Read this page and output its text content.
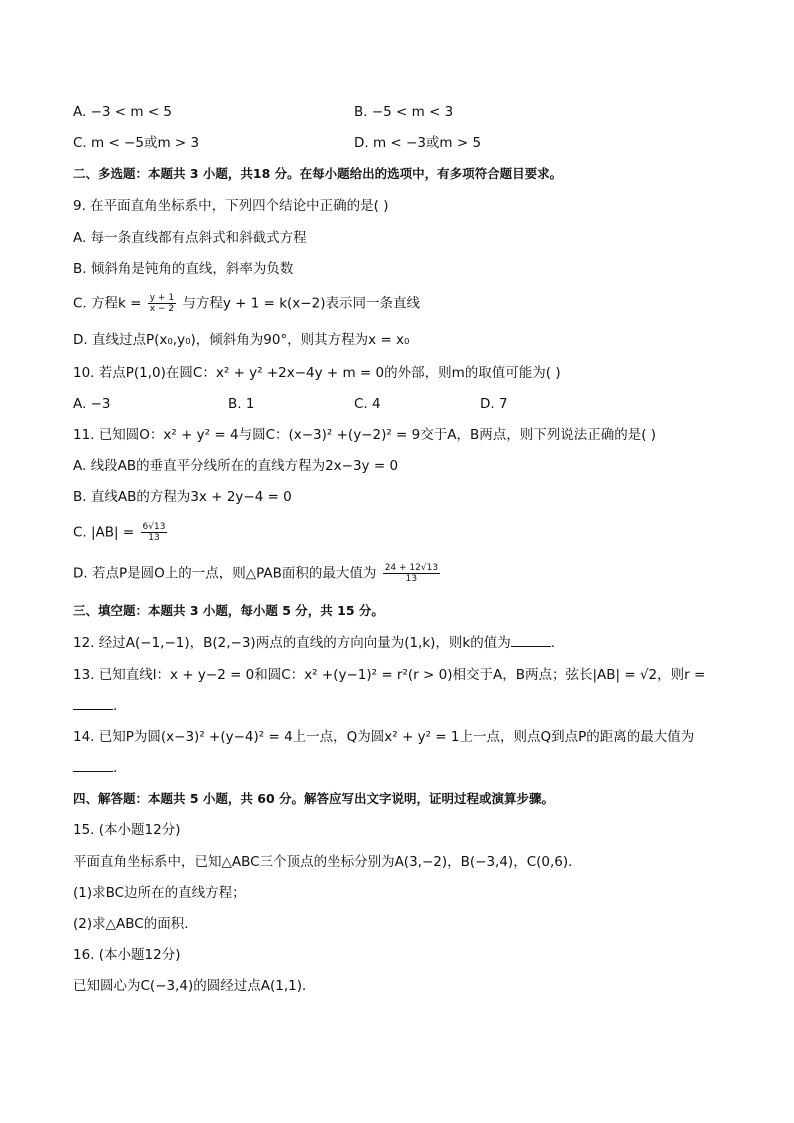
A. −3 < m < 5	B. −5 < m < 3
C. m < −5或m > 3	D. m < −3或m > 5
二、多选题：本题共 3 小题，共18 分。在每小题给出的选项中，有多项符合题目要求。
9. 在平面直角坐标系中，下列四个结论中正确的是( )
A. 每一条直线都有点斜式和斜截式方程
B. 倾斜角是钝角的直线，斜率为负数
C. 方程$k = \frac{y + 1}{x - 2}$ 与方程y + 1 = k(x−2)表示同一条直线
D. 直线过点P(x₀,y₀)，倾斜角为90°，则其方程为x = x₀
10. 若点P(1,0)在圆C：x² + y² +2x−4y + m = 0的外部，则m的取值可能为( )
A. −3	B. 1	C. 4	D. 7
11. 已知圆O：x² + y² = 4与圆C：(x−3)² +(y−2)² = 9交于A，B两点，则下列说法正确的是( )
A. 线段AB的垂直平分线所在的直线方程为2x−3y = 0
B. 直线AB的方程为3x + 2y−4 = 0
C. $|AB| = \frac{6√13}{13}$
D. 若点P是圆O上的一点，则△PAB面积的最大值为 $\frac{24 + 12√13}{13}$
三、填空题：本题共 3 小题，每小题 5 分，共 15 分。
12. 经过A(−1,−1)，B(2,−3)两点的直线的方向向量为(1,k)，则k的值为	.
13. 已知直线l：x + y−2 = 0和圆C：x² +(y−1)² = r²(r > 0)相交于A，B两点；弦长|AB| = √2，则r =
.
14. 已知P为圆(x−3)² +(y−4)² = 4上一点，Q为圆x² + y² = 1上一点，则点Q到点P的距离的最大值为
.
四、解答题：本题共 5 小题，共 60 分。解答应写出文字说明，证明过程或演算步骤。
15. (本小题12分)
平面直角坐标系中，已知△ABC三个顶点的坐标分别为A(3,−2)，B(−3,4)，C(0,6)．
(1)求BC边所在的直线方程；
(2)求△ABC的面积．
16. (本小题12分)
已知圆心为C(−3,4)的圆经过点A(1,1)．
